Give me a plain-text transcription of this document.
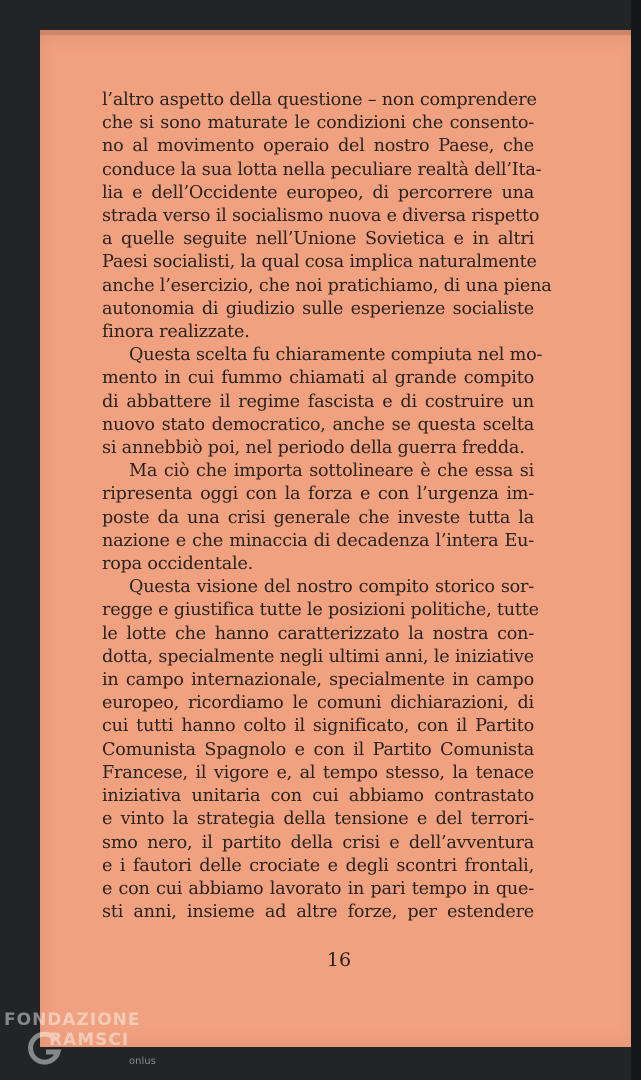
16
l’altro aspetto della questione – non comprendere
che si sono maturate le condizioni che consento-
no al movimento operaio del nostro Paese, che
conduce la sua lotta nella peculiare realtà dell’Ita-
lia e dell’Occidente europeo, di percorrere una
strada verso il socialismo nuova e diversa rispetto
a quelle seguite nell’Unione Sovietica e in altri
Paesi socialisti, la qual cosa implica naturalmente
anche l’esercizio, che noi pratichiamo, di una piena
autonomia di giudizio sulle esperienze socialiste
finora realizzate.
Questa scelta fu chiaramente compiuta nel mo-
mento in cui fummo chiamati al grande compito
di abbattere il regime fascista e di costruire un
nuovo stato democratico, anche se questa scelta
si annebbiò poi, nel periodo della guerra fredda.
Ma ciò che importa sottolineare è che essa si
ripresenta oggi con la forza e con l’urgenza im-
poste da una crisi generale che investe tutta la
nazione e che minaccia di decadenza l’intera Eu-
ropa occidentale.
Questa visione del nostro compito storico sor-
regge e giustifica tutte le posizioni politiche, tutte
le lotte che hanno caratterizzato la nostra con-
dotta, specialmente negli ultimi anni, le iniziative
in campo internazionale, specialmente in campo
europeo, ricordiamo le comuni dichiarazioni, di
cui tutti hanno colto il significato, con il Partito
Comunista Spagnolo e con il Partito Comunista
Francese, il vigore e, al tempo stesso, la tenace
iniziativa unitaria con cui abbiamo contrastato
e vinto la strategia della tensione e del terrori-
smo nero, il partito della crisi e dell’avventura
e i fautori delle crociate e degli scontri frontali,
e con cui abbiamo lavorato in pari tempo in que-
sti anni, insieme ad altre forze, per estendere
FONDAZIONE
RAMSCI
onlus
